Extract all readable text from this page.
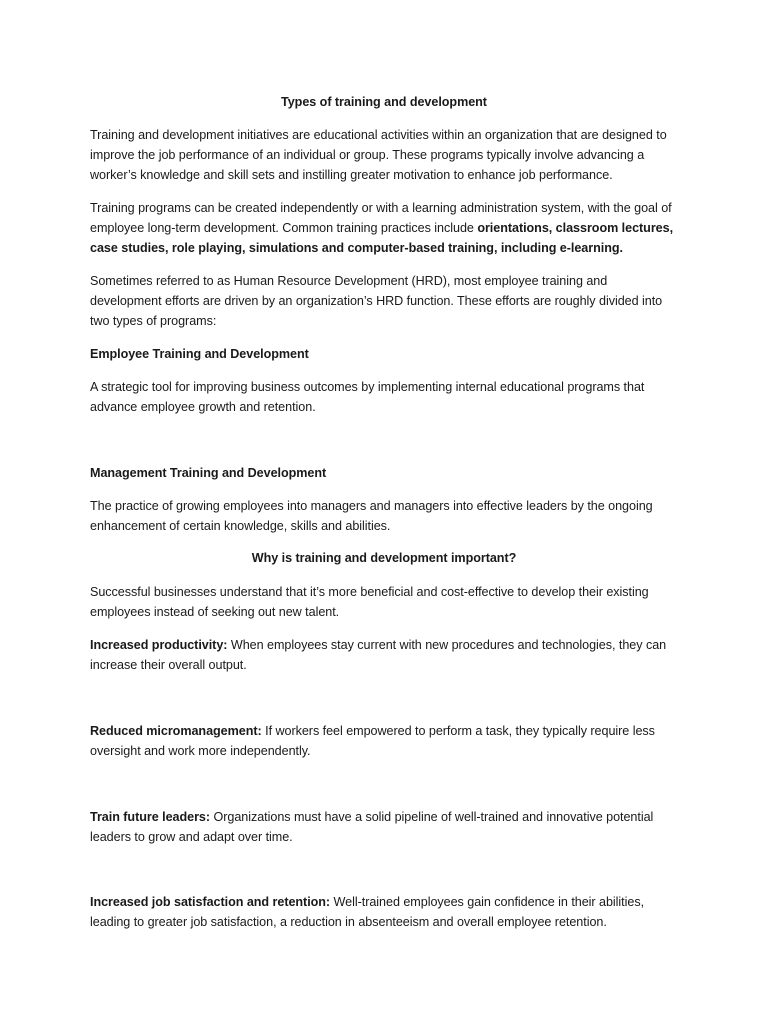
Types of training and development

Training and development initiatives are educational activities within an organization that are designed to improve the job performance of an individual or group. These programs typically involve advancing a worker’s knowledge and skill sets and instilling greater motivation to enhance job performance.

Training programs can be created independently or with a learning administration system, with the goal of employee long-term development. Common training practices include orientations, classroom lectures, case studies, role playing, simulations and computer-based training, including e-learning.

Sometimes referred to as Human Resource Development (HRD), most employee training and development efforts are driven by an organization’s HRD function. These efforts are roughly divided into two types of programs:

Employee Training and Development

A strategic tool for improving business outcomes by implementing internal educational programs that advance employee growth and retention.

Management Training and Development

The practice of growing employees into managers and managers into effective leaders by the ongoing enhancement of certain knowledge, skills and abilities.

Why is training and development important?

Successful businesses understand that it’s more beneficial and cost-effective to develop their existing employees instead of seeking out new talent.

Increased productivity: When employees stay current with new procedures and technologies, they can increase their overall output.

Reduced micromanagement: If workers feel empowered to perform a task, they typically require less oversight and work more independently.

Train future leaders: Organizations must have a solid pipeline of well-trained and innovative potential leaders to grow and adapt over time.

Increased job satisfaction and retention: Well-trained employees gain confidence in their abilities, leading to greater job satisfaction, a reduction in absenteeism and overall employee retention.
